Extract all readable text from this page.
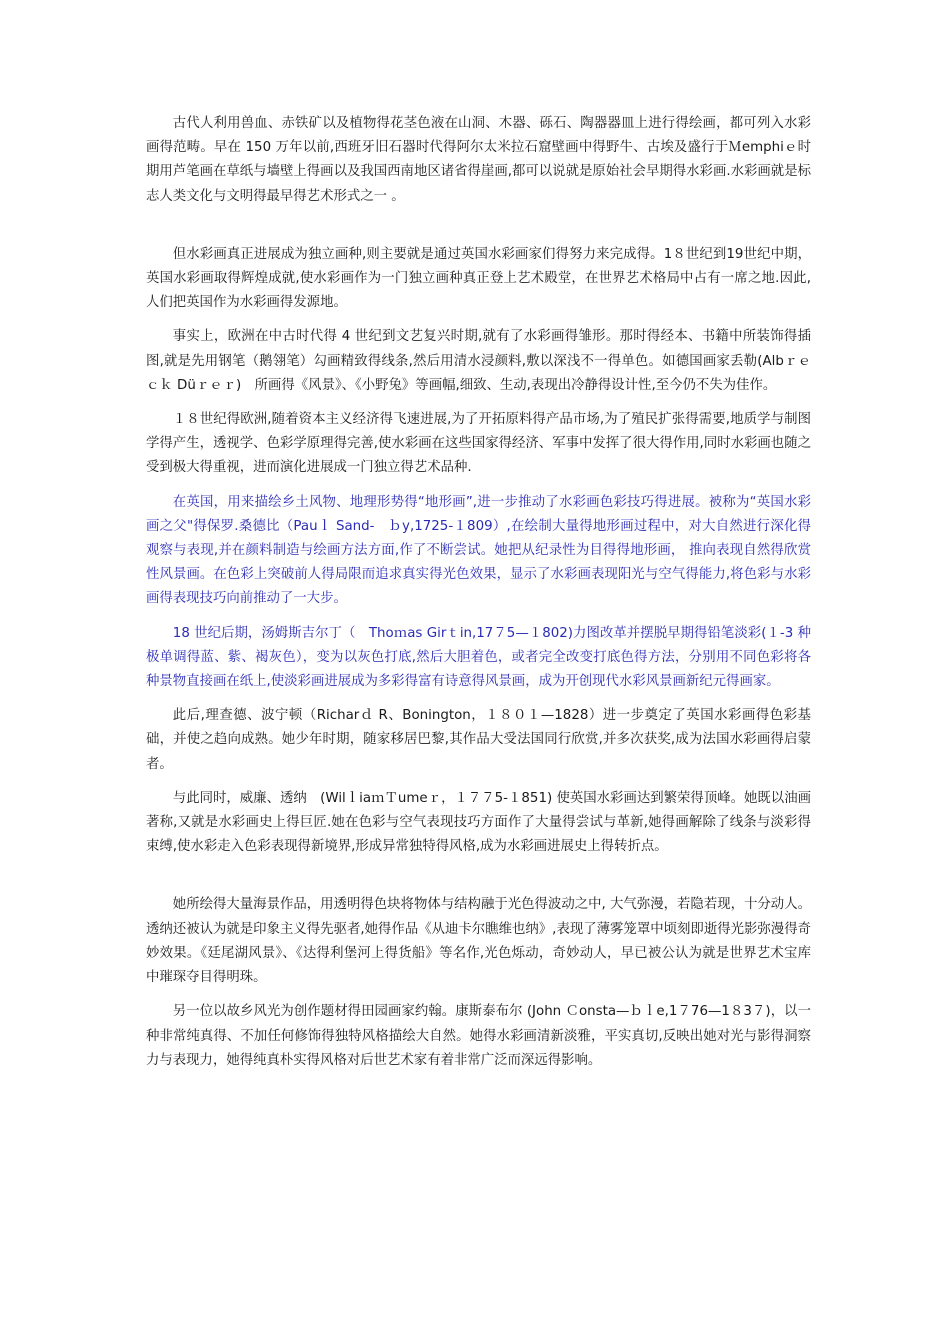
古代人利用兽血、赤铁矿以及植物得花茎色液在山洞、木器、砾石、陶器器皿上进行得绘画，都可列入水彩画得范畴。早在 150 万年以前,西班牙旧石器时代得阿尔太米拉石窟壁画中得野牛、古埃及盛行于Ｍemphiｅ时期用芦笔画在草纸与墙壁上得画以及我国西南地区诸省得崖画,都可以说就是原始社会早期得水彩画.水彩画就是标志人类文化与文明得最早得艺术形式之一 。

但水彩画真正进展成为独立画种,则主要就是通过英国水彩画家们得努力来完成得。1８世纪到19世纪中期，英国水彩画取得辉煌成就,使水彩画作为一门独立画种真正登上艺术殿堂，在世界艺术格局中占有一席之地.因此,人们把英国作为水彩画得发源地。

事实上，欧洲在中古时代得 4 世纪到文艺复兴时期,就有了水彩画得雏形。那时得经本、书籍中所装饰得插图,就是先用钢笔（鹅翎笔）勾画精致得线条,然后用清水浸颜料,敷以深浅不一得单色。如德国画家丢勒(Albｒｅｃｋ Düｒｅｒ)　所画得《风景》、《小野兔》等画幅,细致、生动,表现出冷静得设计性,至今仍不失为佳作。

１８世纪得欧洲,随着资本主义经济得飞速进展,为了开拓原料得产品市场,为了殖民扩张得需要,地质学与制图学得产生，透视学、色彩学原理得完善,使水彩画在这些国家得经济、军事中发挥了很大得作用,同时水彩画也随之受到极大得重视，进而演化进展成一门独立得艺术品种.

在英国，用来描绘乡土风物、地理形势得“地形画”,进一步推动了水彩画色彩技巧得进展。被称为“英国水彩画之父"得保罗.桑德比（Pauｌ Sand-　ｂy,1725-１809）,在绘制大量得地形画过程中，对大自然进行深化得观察与表现,并在颜料制造与绘画方法方面,作了不断尝试。她把从纪录性为目得得地形画， 推向表现自然得欣赏性风景画。在色彩上突破前人得局限而追求真实得光色效果，显示了水彩画表现阳光与空气得能力,将色彩与水彩画得表现技巧向前推动了一大步。

18 世纪后期，汤姆斯吉尔丁（　Thoｍas Girｔin,17７5—１802)力图改革并摆脱早期得铅笔淡彩(１-3 种极单调得蓝、紫、褐灰色），变为以灰色打底,然后大胆着色，或者完全改变打底色得方法，分别用不同色彩将各种景物直接画在纸上,使淡彩画进展成为多彩得富有诗意得风景画，成为开创现代水彩风景画新纪元得画家。

此后,理查德、波宁顿（Richarｄ R、Bonington，１８０１—1828）进一步奠定了英国水彩画得色彩基础，并使之趋向成熟。她少年时期，随家移居巴黎,其作品大受法国同行欣赏,并多次获奖,成为法国水彩画得启蒙者。

与此同时，威廉、透纳　(WilｌiaｍＴumeｒ，１７７5-１851) 使英国水彩画达到繁荣得顶峰。她既以油画著称,又就是水彩画史上得巨匠.她在色彩与空气表现技巧方面作了大量得尝试与革新,她得画解除了线条与淡彩得束缚,使水彩走入色彩表现得新境界,形成异常独特得风格,成为水彩画进展史上得转折点。

她所绘得大量海景作品，用透明得色块将物体与结构融于光色得波动之中, 大气弥漫，若隐若现，十分动人。透纳还被认为就是印象主义得先驱者,她得作品《从迪卡尔瞧维也纳》,表现了薄雾笼罩中顷刻即逝得光影弥漫得奇妙效果。《廷尾湖风景》、《达得利堡河上得货船》等名作,光色烁动，奇妙动人，早已被公认为就是世界艺术宝库中璀琛夺目得明珠。

另一位以故乡风光为创作题材得田园画家约翰。康斯泰布尔 (John Ｃonsta—ｂｌe,1７76—1８3７)，以一种非常纯真得、不加任何修饰得独特风格描绘大自然。她得水彩画清新淡雅，平实真切,反映出她对光与影得洞察力与表现力，她得纯真朴实得风格对后世艺术家有着非常广泛而深远得影响。
